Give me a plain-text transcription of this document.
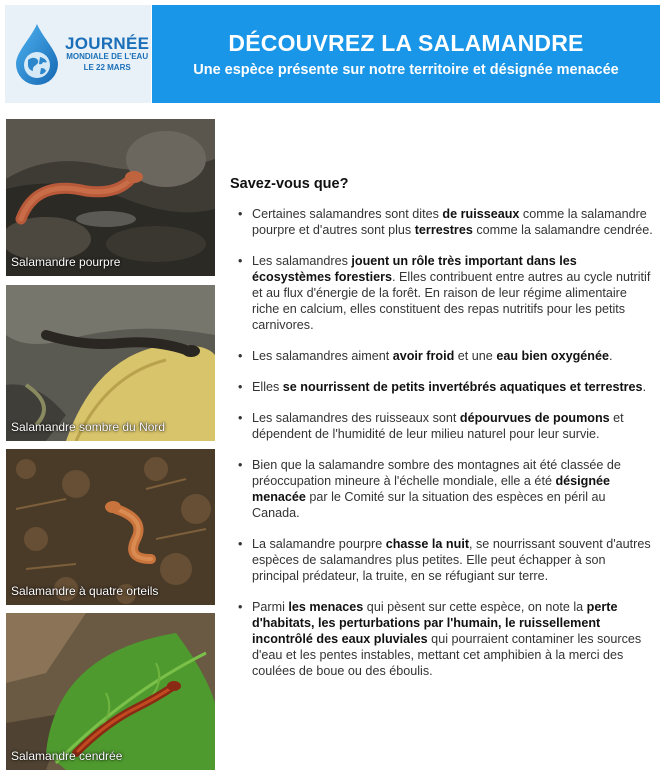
JOURNÉE
MONDIALE DE L'EAU
LE 22 MARS
DÉCOUVREZ LA SALAMANDRE
Une espèce présente sur notre territoire et désignée menacée
Salamandre pourpre
Salamandre sombre du Nord
Salamandre à quatre orteils
Salamandre cendrée
Savez-vous que?
• Certaines salamandres sont dites de ruisseaux comme la salamandre pourpre et d'autres sont plus terrestres comme la salamandre cendrée.
• Les salamandres jouent un rôle très important dans les écosystèmes forestiers. Elles contribuent entre autres au cycle nutritif et au flux d'énergie de la forêt. En raison de leur régime alimentaire riche en calcium, elles constituent des repas nutritifs pour les petits carnivores.
• Les salamandres aiment avoir froid et une eau bien oxygénée.
• Elles se nourrissent de petits invertébrés aquatiques et terrestres.
• Les salamandres des ruisseaux sont dépourvues de poumons et dépendent de l'humidité de leur milieu naturel pour leur survie.
• Bien que la salamandre sombre des montagnes ait été classée de préoccupation mineure à l'échelle mondiale, elle a été désignée menacée par le Comité sur la situation des espèces en péril au Canada.
• La salamandre pourpre chasse la nuit, se nourrissant souvent d'autres espèces de salamandres plus petites. Elle peut échapper à son principal prédateur, la truite, en se réfugiant sur terre.
• Parmi les menaces qui pèsent sur cette espèce, on note la perte d'habitats, les perturbations par l'humain, le ruissellement incontrôlé des eaux pluviales qui pourraient contaminer les sources d'eau et les pentes instables, mettant cet amphibien à la merci des coulées de boue ou des éboulis.
